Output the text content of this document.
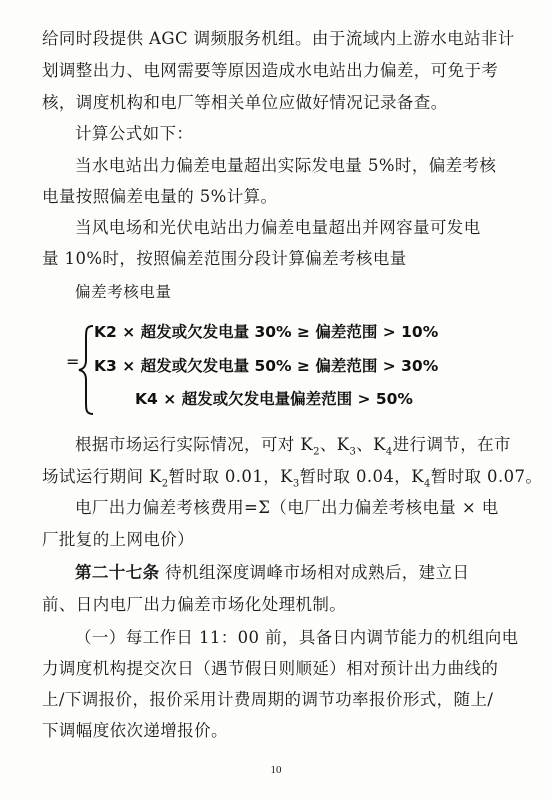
给同时段提供 AGC 调频服务机组。由于流域内上游水电站非计
划调整出力、电网需要等原因造成水电站出力偏差，可免于考
核，调度机构和电厂等相关单位应做好情况记录备查。
计算公式如下：
当水电站出力偏差电量超出实际发电量 5%时，偏差考核
电量按照偏差电量的 5%计算。
当风电场和光伏电站出力偏差电量超出并网容量可发电
量 10%时，按照偏差范围分段计算偏差考核电量
偏差考核电量
=
K2 × 超发或欠发电量 30% ≥ 偏差范围 > 10%
K3 × 超发或欠发电量 50% ≥ 偏差范围 > 30%
K4 × 超发或欠发电量偏差范围 > 50%
根据市场运行实际情况，可对 $K_2$、$K_3$、$K_4$进行调节，在市
场试运行期间 $K_2$暂时取 0.01，$K_3$暂时取 0.04，$K_4$暂时取 0.07。
电厂出力偏差考核费用=Σ（电厂出力偏差考核电量 × 电
厂批复的上网电价）
第二十七条 待机组深度调峰市场相对成熟后，建立日
前、日内电厂出力偏差市场化处理机制。
（一）每工作日 11：00 前，具备日内调节能力的机组向电
力调度机构提交次日（遇节假日则顺延）相对预计出力曲线的
上/下调报价，报价采用计费周期的调节功率报价形式，随上/
下调幅度依次递增报价。
10
